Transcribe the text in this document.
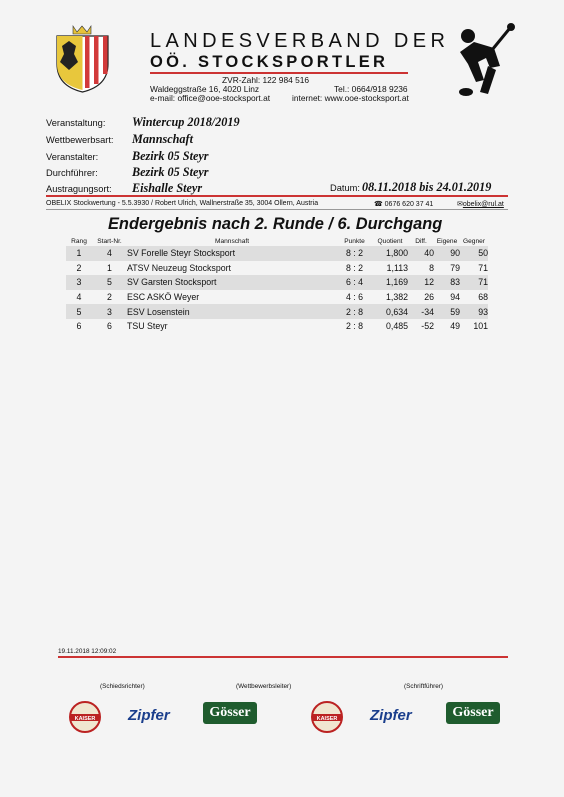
LANDESVERBAND DER
OÖ. STOCKSPORTLER
ZVR-Zahl: 122 984 516
Waldeggstraße 16, 4020 Linz
e-mail: office@ooe-stocksport.at
Tel.: 0664/918 9236
internet: www.ooe-stocksport.at
Veranstaltung: Wintercup 2018/2019
Wettbewerbsart: Mannschaft
Veranstalter:	Bezirk 05 Steyr
Durchführer:	Bezirk 05 Steyr
Austragungsort: Eishalle Steyr	Datum: 08.11.2018 bis 24.01.2019
OBELIX Stockwertung - 5.5.3930 / Robert Ulrich, Wallnerstraße 35, 3004 Ollern, Austria	☎ 0676 620 37 41	✉obelix@rul.at
Endergebnis nach 2. Runde / 6. Durchgang
Rang	Start-Nr.	Mannschaft	Punkte	Quotient	Diff.	Eigene	Gegner
1	4	SV Forelle Steyr Stocksport	8 : 2	1,800	40	90	50
2	1	ATSV Neuzeug Stocksport	8 : 2	1,113	8	79	71
3	5	SV Garsten Stocksport	6 : 4	1,169	12	83	71
4	2	ESC ASKÖ Weyer	4 : 6	1,382	26	94	68
5	3	ESV Losenstein	2 : 8	0,634	-34	59	93
6	6	TSU Steyr	2 : 8	0,485	-52	49	101
19.11.2018 12:09:02
(Schiedsrichter)	(Wettbewerbsleiter)	(Schriftführer)
KAISER Zipfer	Gösser	KAISER Zipfer	Gösser
